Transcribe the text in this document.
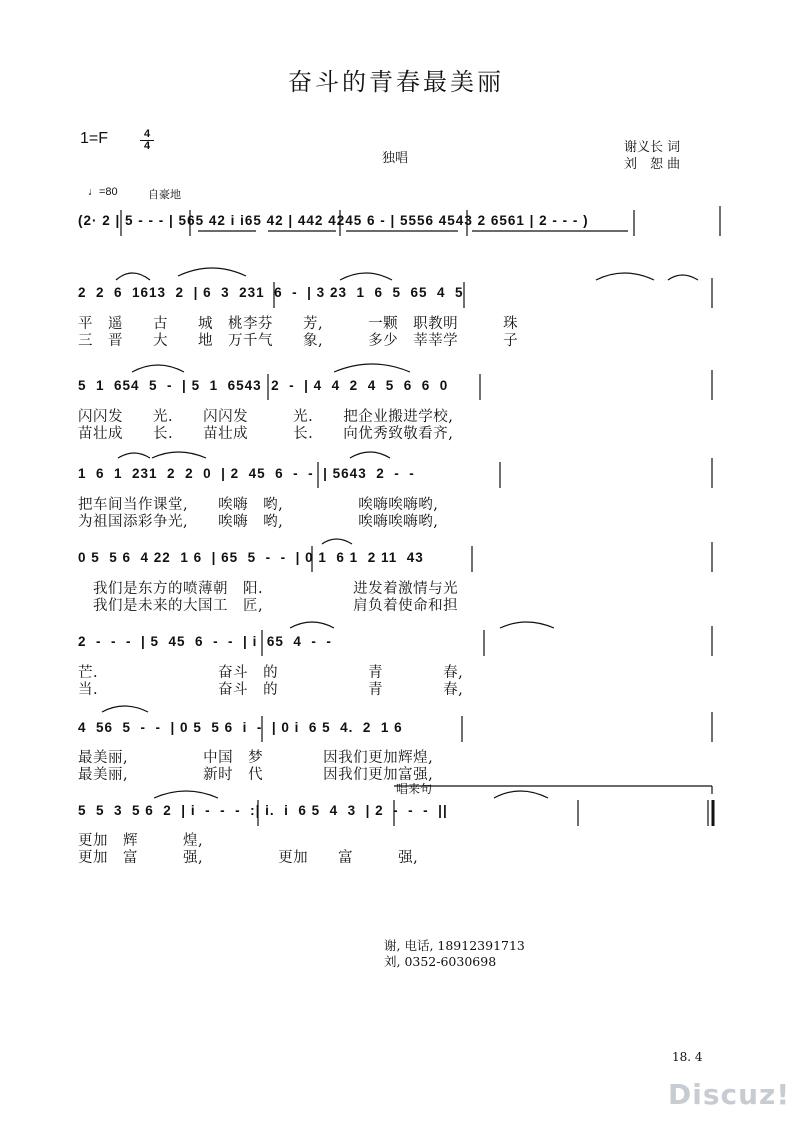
奋斗的青春最美丽
1=F	$\frac{4}{4}$
独唱
谢义长 词
刘　恕 曲
♩=80	自豪地
(2· 2 | 5 - - - | 565 42 i i65 42 | 442 4245 6 - | 5556 4543 2 6561 | 2 - - - )
2  2  6  1613  2  | 6  3  231  6  -  | 3 23  1  6  5  65  4  5
平　遥　　古　　城　桃李芬　　芳,　　　一颗　职教明　　　珠
三　晋　　大　　地　万千气　　象,　　　多少　莘莘学　　　子
5  1  654  5  -  | 5  1  6543  2  -  | 4  4  2  4  5  6  6  0
闪闪发　　光.　　闪闪发　　　光.　　把企业搬进学校,
苗壮成　　长.　　苗壮成　　　长.　　向优秀致敬看齐,
1  6  1  231  2  2  0  | 2  45  6  -  -  | 5643  2  -  -
把车间当作课堂,　　唉嗨　哟,　　　　　唉嗨唉嗨哟,
为祖国添彩争光,　　唉嗨　哟,　　　　　唉嗨唉嗨哟,
0 5  5 6  4 22  1 6  | 65  5  -  -  | 0 1  6 1  2 11  43
　我们是东方的喷薄朝　阳.　　　　　　进发着激情与光
　我们是未来的大国工　匠,　　　　　　肩负着使命和担
2  -  -  -  | 5  45  6  -  -  | i  65  4  -  -
芒.　　　　　　　　奋斗　的　　　　　　青　　　　春,
当.　　　　　　　　奋斗　的　　　　　　青　　　　春,
4  56  5  -  -  | 0 5  5 6  i  -  | 0 i  6 5  4.  2  1 6
最美丽,　　　　　中国　梦　　　　因我们更加辉煌,
最美丽,　　　　　新时　代　　　　因我们更加富强,
唱来句
5  5  3  5 6  2  | i  -  -  -  :| i.  i  6 5  4  3  | 2  -  -  -  ||
更加　辉　　　煌,
更加　富　　　强,　　　　　更加　　富　　　强,
谢, 电话, 18912391713
刘, 0352-6030698
18. 4
Discuz!
